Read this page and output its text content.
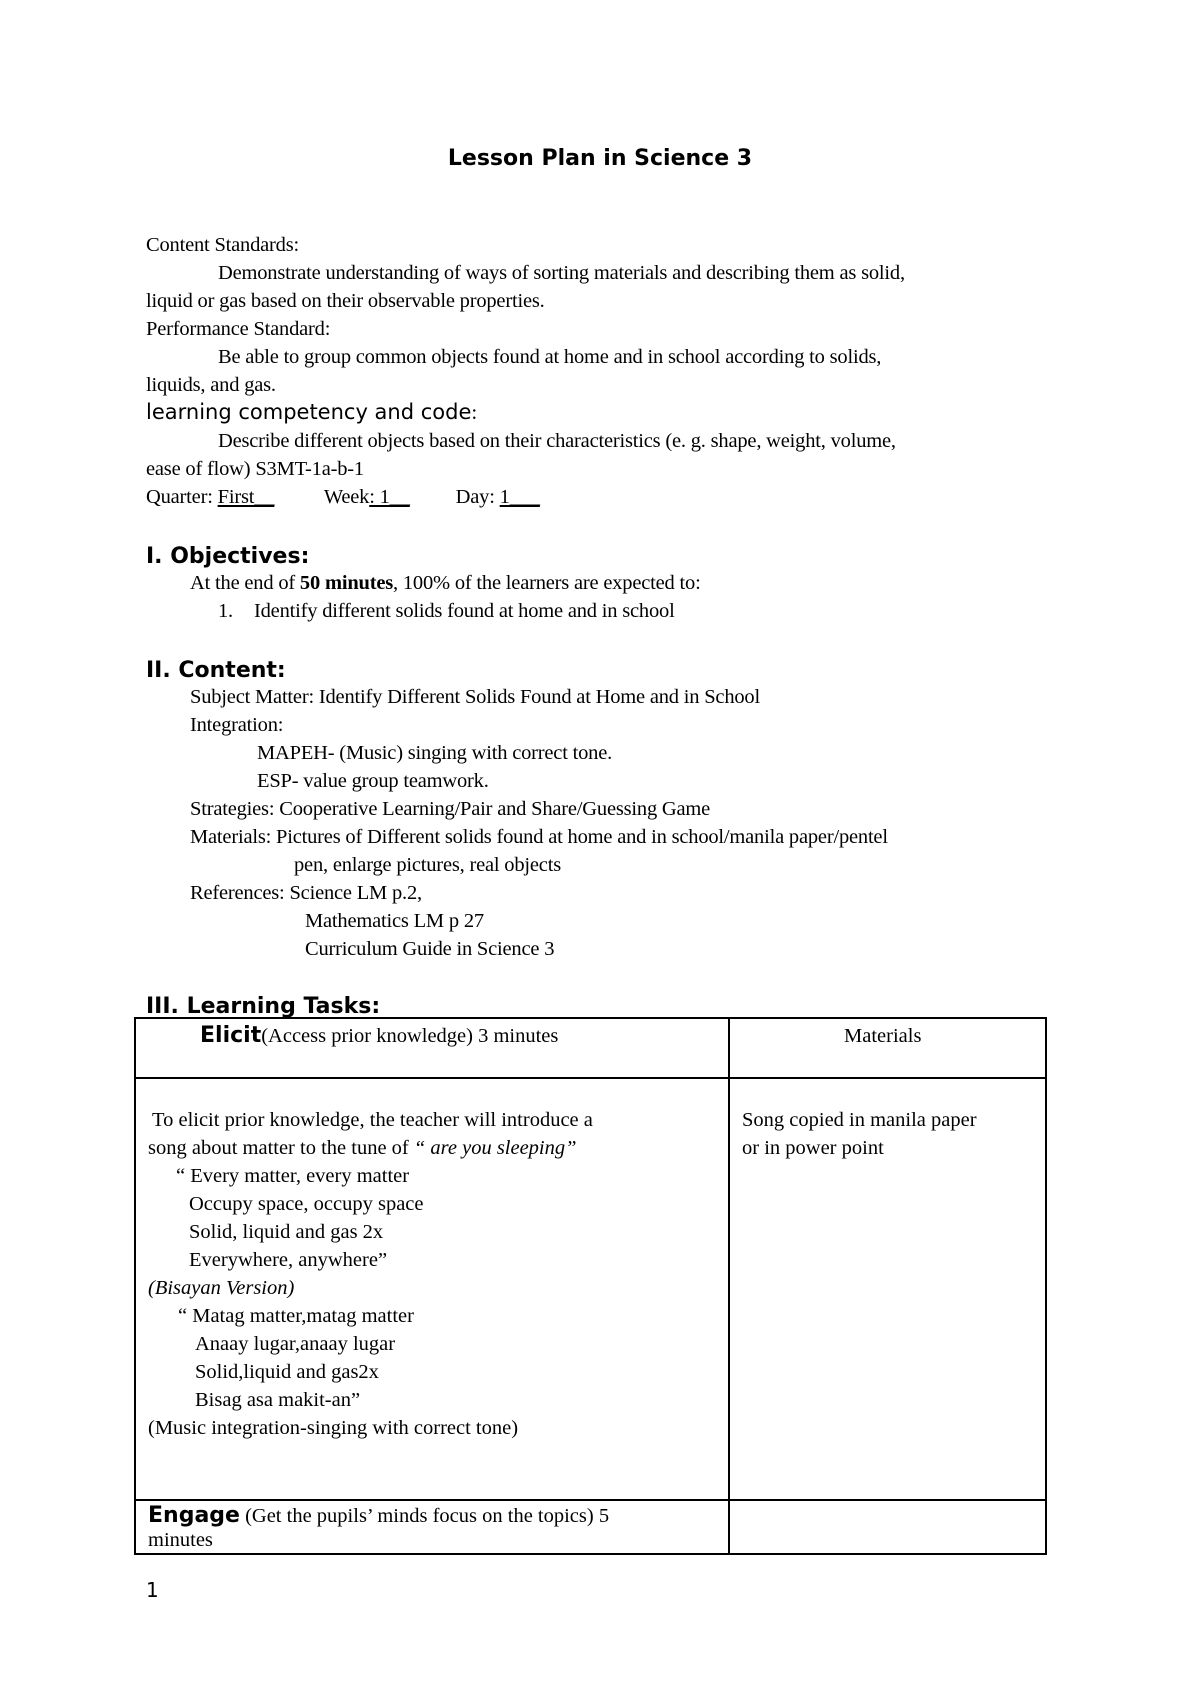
Lesson Plan in Science 3
Content Standards:
Demonstrate understanding of ways of sorting materials and describing them as solid,
liquid or gas based on their observable properties.
Performance Standard:
Be able to group common objects found at home and in school according to solids,
liquids, and gas.
learning competency and code:
Describe different objects based on their characteristics (e. g. shape, weight, volume,
ease of flow) S3MT-1a-b-1
Quarter: First__ Week: 1__ Day: 1___
I. Objectives:
At the end of 50 minutes, 100% of the learners are expected to:
1. Identify different solids found at home and in school
II. Content:
Subject Matter: Identify Different Solids Found at Home and in School
Integration:
MAPEH- (Music) singing with correct tone.
ESP- value group teamwork.
Strategies: Cooperative Learning/Pair and Share/Guessing Game
Materials: Pictures of Different solids found at home and in school/manila paper/pentel
pen, enlarge pictures, real objects
References: Science LM p.2,
Mathematics LM p 27
Curriculum Guide in Science 3
III. Learning Tasks:
Elicit(Access prior knowledge) 3 minutes	Materials
To elicit prior knowledge, the teacher will introduce a
song about matter to the tune of “ are you sleeping”
“ Every matter, every matter
Occupy space, occupy space
Solid, liquid and gas 2x
Everywhere, anywhere”
(Bisayan Version)
“ Matag matter,matag matter
Anaay lugar,anaay lugar
Solid,liquid and gas2x
Bisag asa makit-an”
(Music integration-singing with correct tone)
Song copied in manila paper
or in power point
Engage (Get the pupils’ minds focus on the topics) 5
minutes
1
